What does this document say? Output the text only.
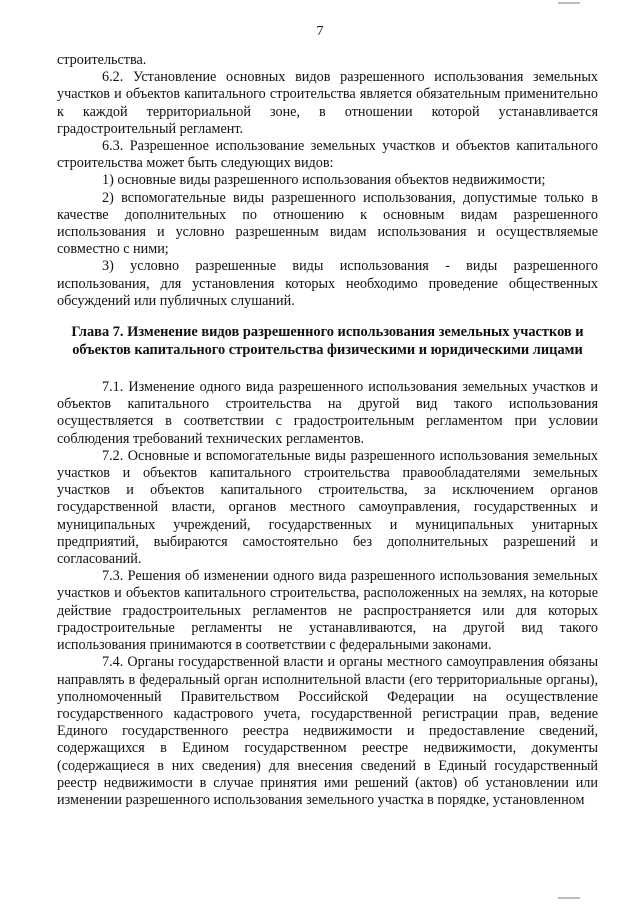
7

строительства.

6.2. Установление основных видов разрешенного использования земельных участков и объектов капитального строительства является обязательным применительно к каждой территориальной зоне, в отношении которой устанавливается градостроительный регламент.

6.3. Разрешенное использование земельных участков и объектов капитального строительства может быть следующих видов:

1) основные виды разрешенного использования объектов недвижимости;

2) вспомогательные виды разрешенного использования, допустимые только в качестве дополнительных по отношению к основным видам разрешенного использования и условно разрешенным видам использования и осуществляемые совместно с ними;

3) условно разрешенные виды использования - виды разрешенного использования, для установления которых необходимо проведение общественных обсуждений или публичных слушаний.

Глава 7. Изменение видов разрешенного использования земельных участков и объектов капитального строительства физическими и юридическими лицами

7.1. Изменение одного вида разрешенного использования земельных участков и объектов капитального строительства на другой вид такого использования осуществляется в соответствии с градостроительным регламентом при условии соблюдения требований технических регламентов.

7.2. Основные и вспомогательные виды разрешенного использования земельных участков и объектов капитального строительства правообладателями земельных участков и объектов капитального строительства, за исключением органов государственной власти, органов местного самоуправления, государственных и муниципальных учреждений, государственных и муниципальных унитарных предприятий, выбираются самостоятельно без дополнительных разрешений и согласований.

7.3. Решения об изменении одного вида разрешенного использования земельных участков и объектов капитального строительства, расположенных на землях, на которые действие градостроительных регламентов не распространяется или для которых градостроительные регламенты не устанавливаются, на другой вид такого использования принимаются в соответствии с федеральными законами.

7.4. Органы государственной власти и органы местного самоуправления обязаны направлять в федеральный орган исполнительной власти (его территориальные органы), уполномоченный Правительством Российской Федерации на осуществление государственного кадастрового учета, государственной регистрации прав, ведение Единого государственного реестра недвижимости и предоставление сведений, содержащихся в Едином государственном реестре недвижимости, документы (содержащиеся в них сведения) для внесения сведений в Единый государственный реестр недвижимости в случае принятия ими решений (актов) об установлении или изменении разрешенного использования земельного участка в порядке, установленном
